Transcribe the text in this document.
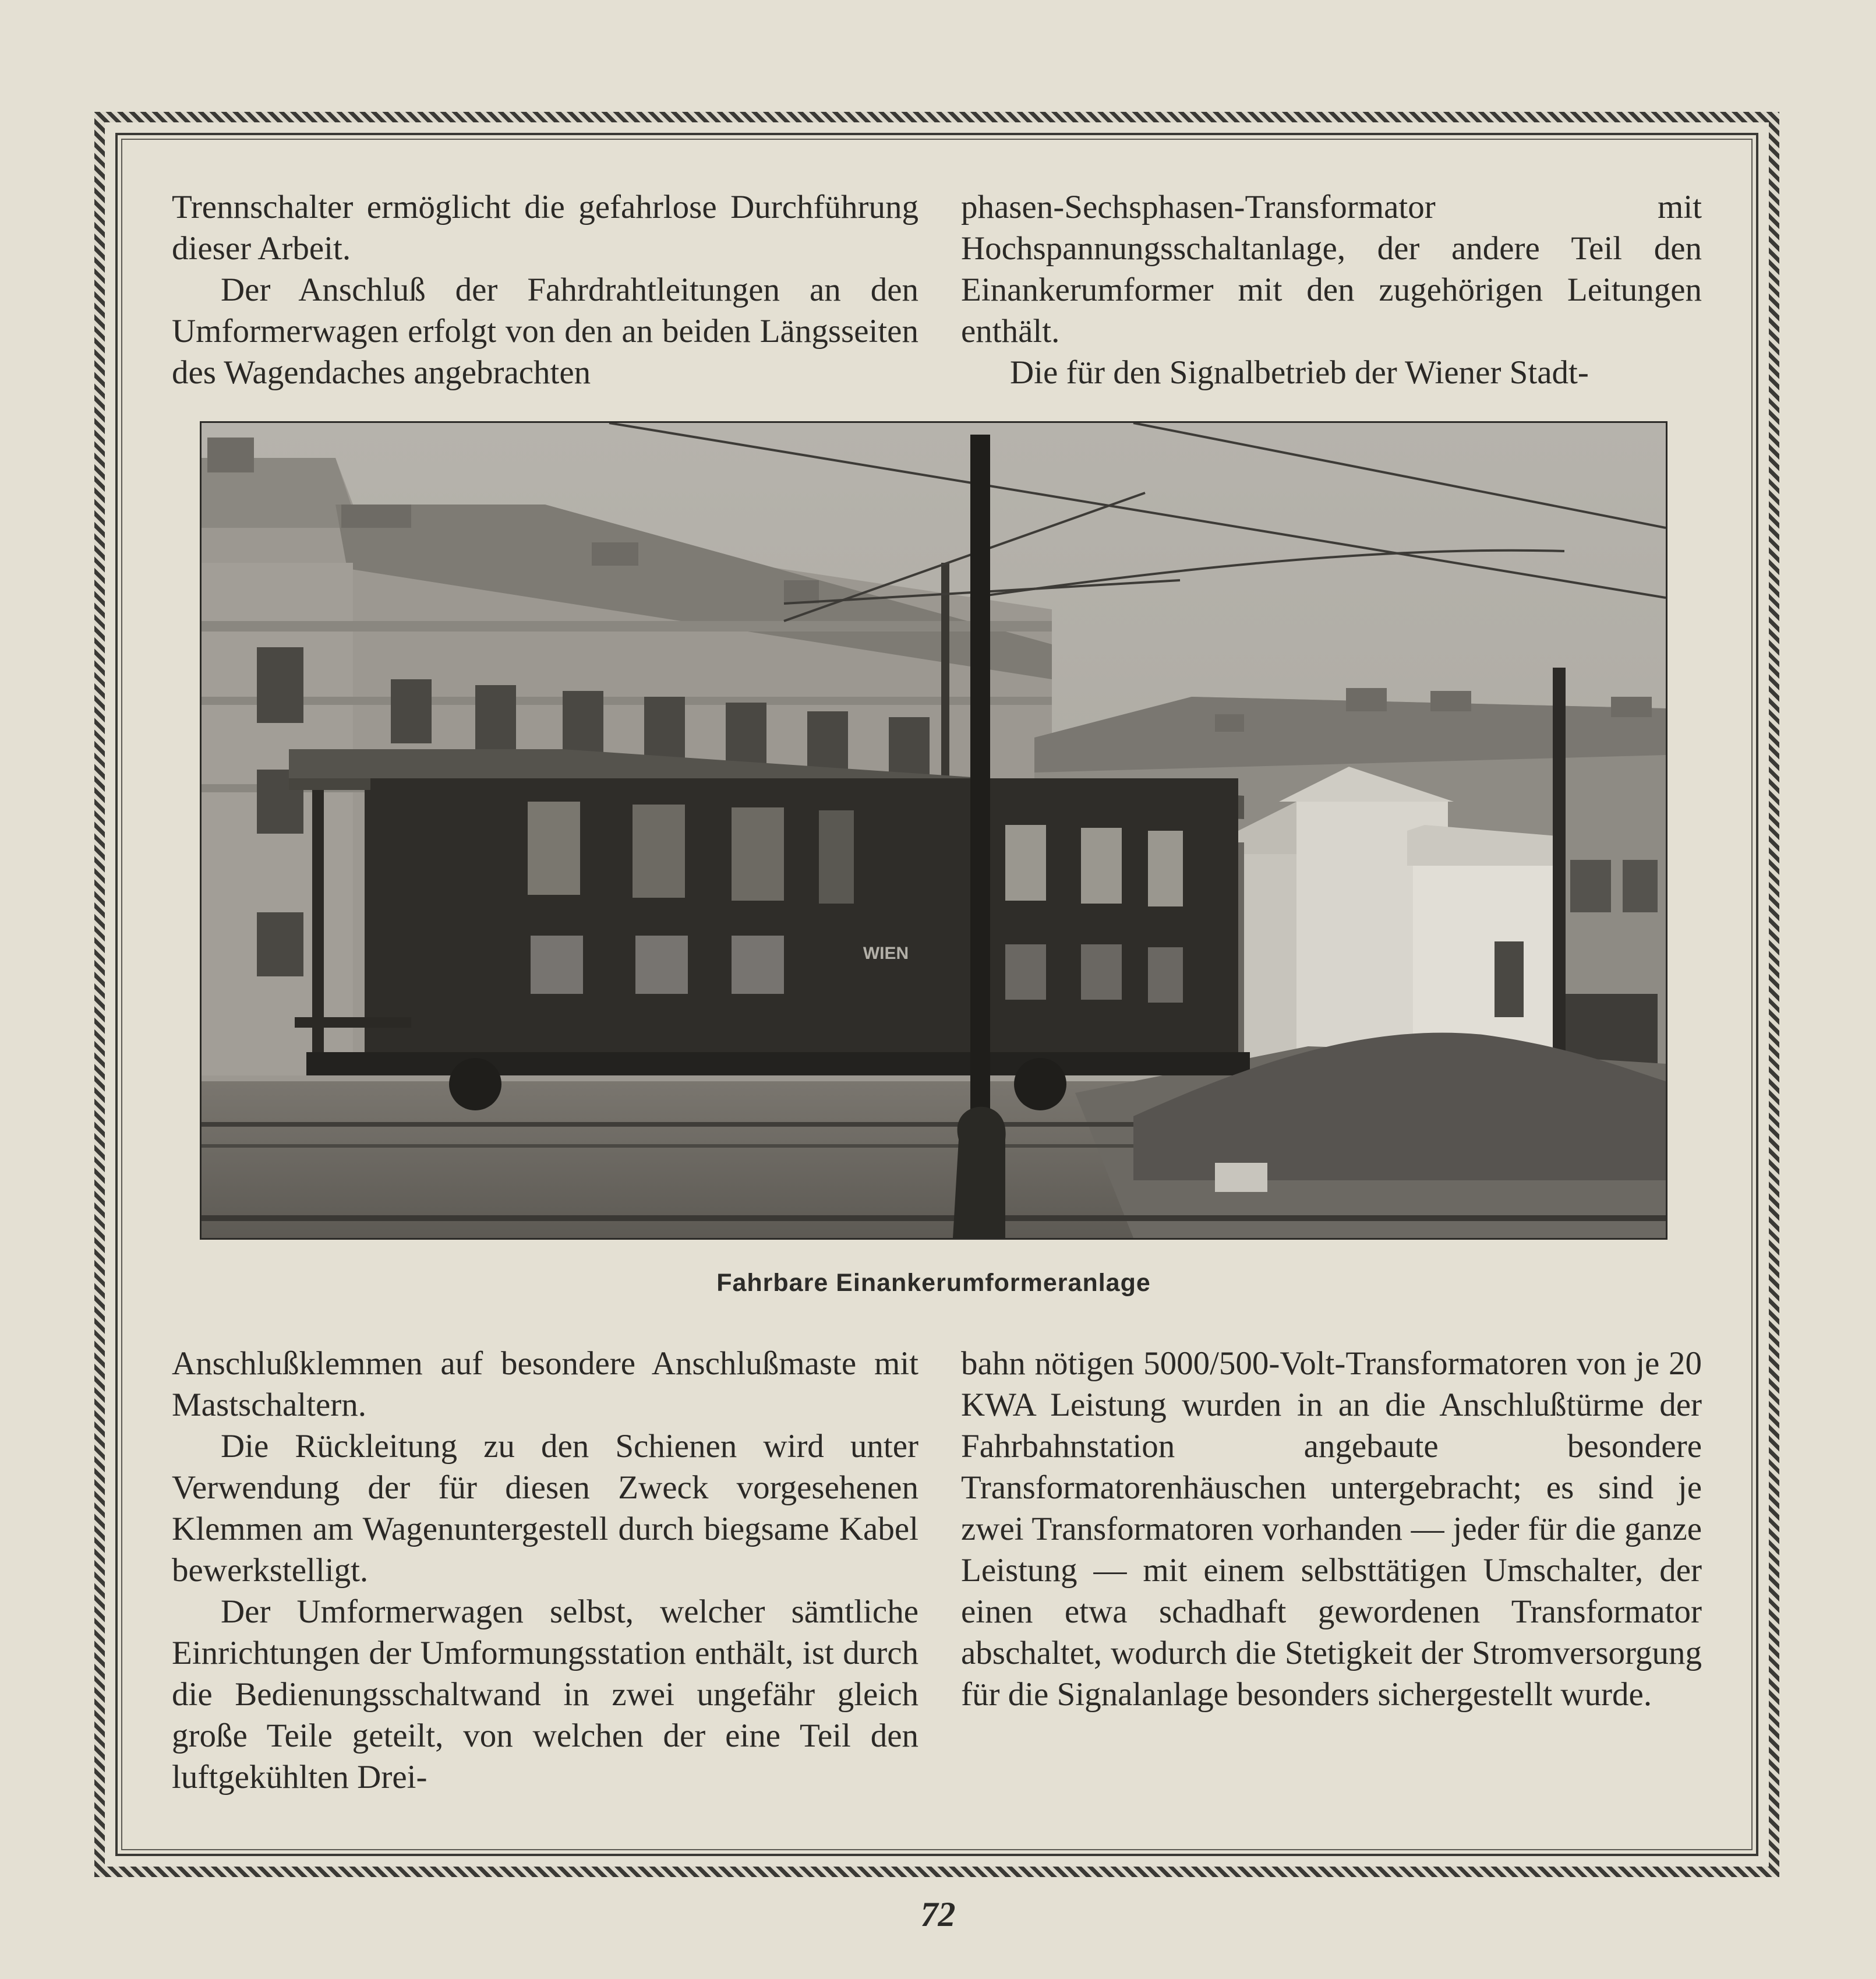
Trennschalter ermöglicht die gefahrlose Durchführung dieser Arbeit.

Der Anschluß der Fahrdrahtleitungen an den Umformerwagen erfolgt von den an beiden Längsseiten des Wagendaches angebrachten

phasen-Sechsphasen-Transformator mit Hochspannungsschaltanlage, der andere Teil den Einankerumformer mit den zugehörigen Leitungen enthält.

Die für den Signalbetrieb der Wiener Stadt-

WIEN
Fahrbare Einankerumformeranlage

Anschlußklemmen auf besondere Anschlußmaste mit Mastschaltern.

Die Rückleitung zu den Schienen wird unter Verwendung der für diesen Zweck vorgesehenen Klemmen am Wagenuntergestell durch biegsame Kabel bewerkstelligt.

Der Umformerwagen selbst, welcher sämtliche Einrichtungen der Umformungsstation enthält, ist durch die Bedienungsschaltwand in zwei ungefähr gleich große Teile geteilt, von welchen der eine Teil den luftgekühlten Drei-

bahn nötigen 5000/500-Volt-Transformatoren von je 20 KWA Leistung wurden in an die Anschlußtürme der Fahrbahnstation angebaute besondere Transformatorenhäuschen untergebracht; es sind je zwei Transformatoren vorhanden — jeder für die ganze Leistung — mit einem selbsttätigen Umschalter, der einen etwa schadhaft gewordenen Transformator abschaltet, wodurch die Stetigkeit der Stromversorgung für die Signalanlage besonders sichergestellt wurde.

72
